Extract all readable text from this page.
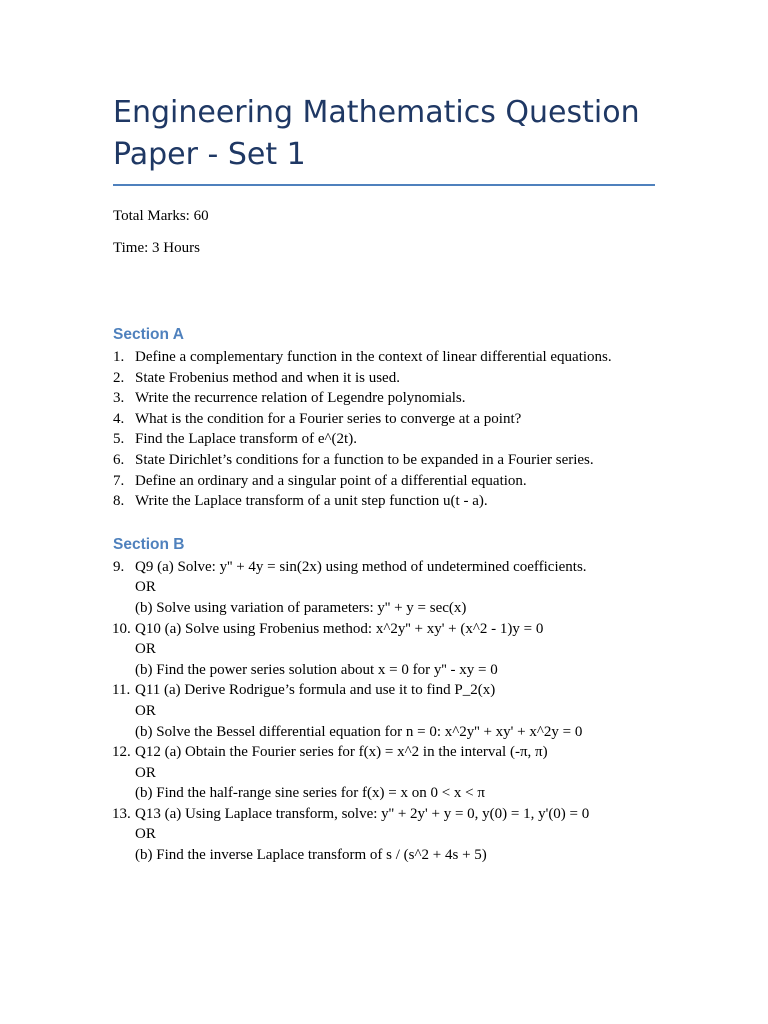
Engineering Mathematics Question Paper - Set 1

Total Marks: 60

Time: 3 Hours

Section A
1. Define a complementary function in the context of linear differential equations.
2. State Frobenius method and when it is used.
3. Write the recurrence relation of Legendre polynomials.
4. What is the condition for a Fourier series to converge at a point?
5. Find the Laplace transform of e^(2t).
6. State Dirichlet’s conditions for a function to be expanded in a Fourier series.
7. Define an ordinary and a singular point of a differential equation.
8. Write the Laplace transform of a unit step function u(t - a).
Section B
9. Q9 (a) Solve: y'' + 4y = sin(2x) using method of undetermined coefficients.
OR
(b) Solve using variation of parameters: y'' + y = sec(x)
10. Q10 (a) Solve using Frobenius method: x^2y'' + xy' + (x^2 - 1)y = 0
OR
(b) Find the power series solution about x = 0 for y'' - xy = 0
11. Q11 (a) Derive Rodrigue’s formula and use it to find P_2(x)
OR
(b) Solve the Bessel differential equation for n = 0: x^2y'' + xy' + x^2y = 0
12. Q12 (a) Obtain the Fourier series for f(x) = x^2 in the interval (-π, π)
OR
(b) Find the half-range sine series for f(x) = x on 0 < x < π
13. Q13 (a) Using Laplace transform, solve: y'' + 2y' + y = 0, y(0) = 1, y'(0) = 0
OR
(b) Find the inverse Laplace transform of s / (s^2 + 4s + 5)
